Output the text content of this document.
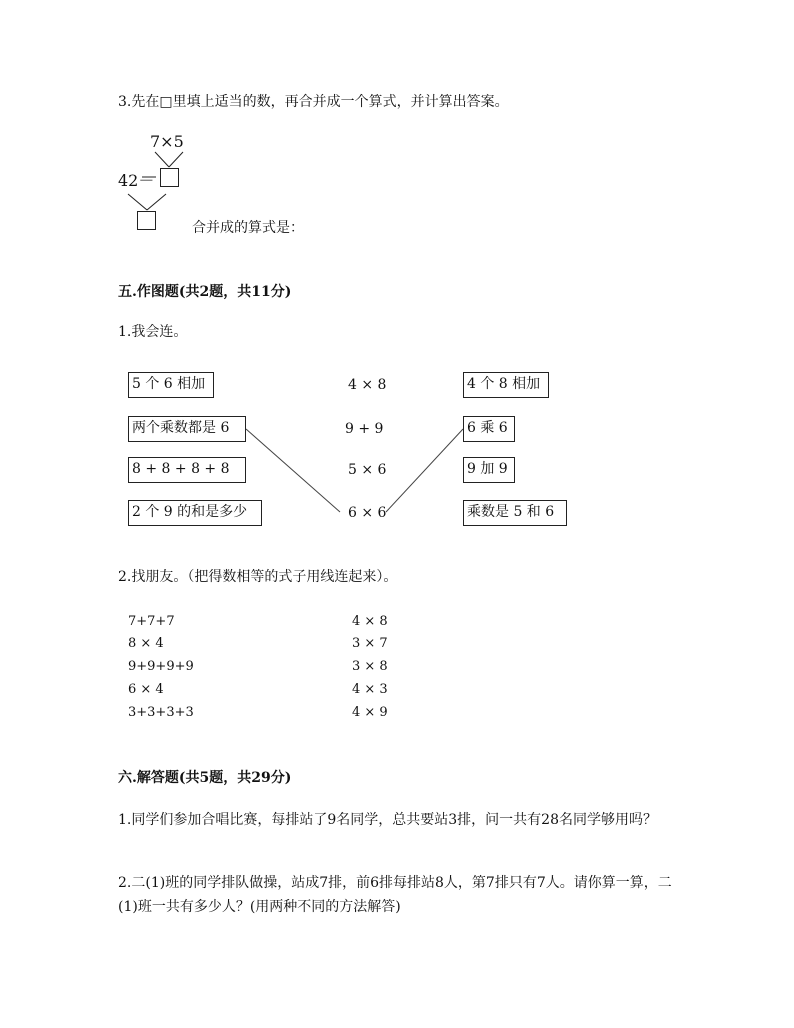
3.先在□里填上适当的数，再合并成一个算式，并计算出答案。
7×5
42－
合并成的算式是：
五.作图题(共2题，共11分)
1.我会连。
5 个 6 相加
两个乘数都是 6
8 + 8 + 8 + 8
2 个 9 的和是多少
4 × 8
9 + 9
5 × 6
6 × 6
4 个 8 相加
6 乘 6
9 加 9
乘数是 5 和 6
2.找朋友。（把得数相等的式子用线连起来）。
7+7+7
8 × 4
9+9+9+9
6 × 4
3+3+3+3
4 × 8
3 × 7
3 × 8
4 × 3
4 × 9
六.解答题(共5题，共29分)
1.同学们参加合唱比赛，每排站了9名同学，总共要站3排，问一共有28名同学够用吗？
2.二(1)班的同学排队做操，站成7排，前6排每排站8人，第7排只有7人。请你算一算，二(1)班一共有多少人？(用两种不同的方法解答)
